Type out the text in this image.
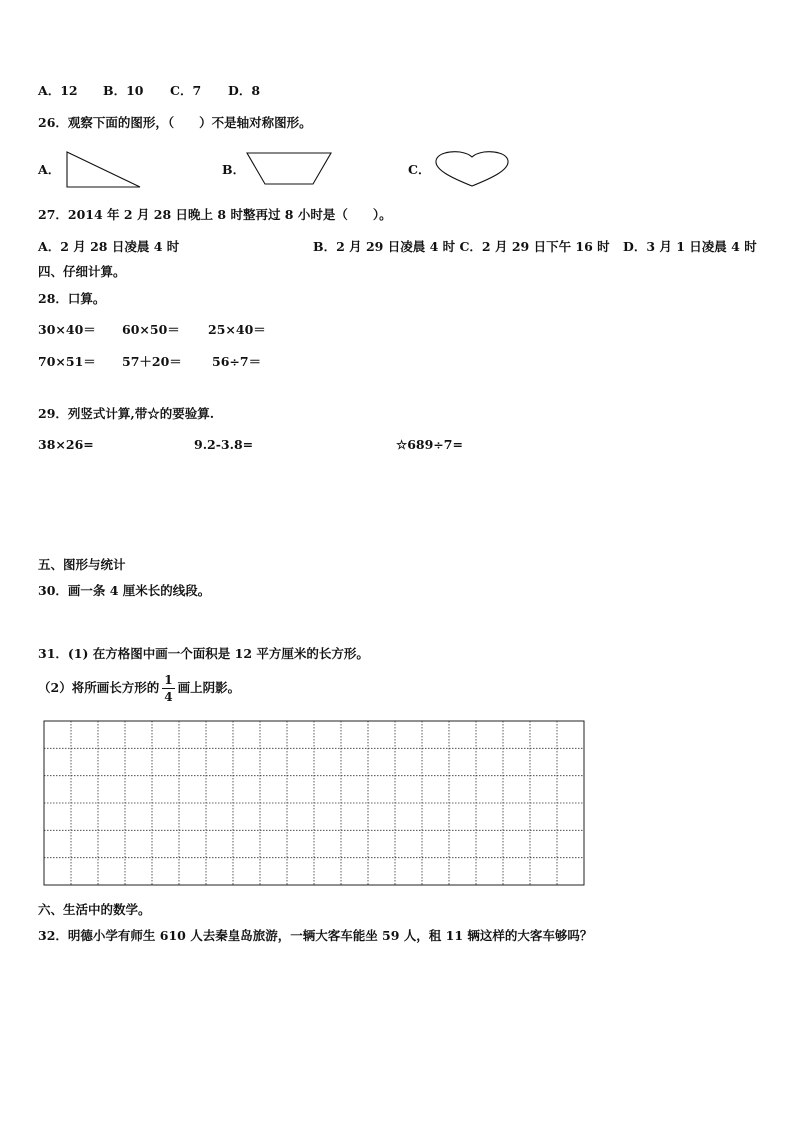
A．12 B．10 C．7 D．8
26．观察下面的图形，（　　）不是轴对称图形。
A．	B．	C．
27．2014 年 2 月 28 日晚上 8 时整再过 8 小时是（　　）。
A．2 月 28 日凌晨 4 时	B．2 月 29 日凌晨 4 时 C．2 月 29 日下午 16 时 D．3 月 1 日凌晨 4 时
四、仔细计算。
28．口算。
30×40＝ 60×50＝ 25×40＝
70×51＝ 57＋20＝ 56÷7＝
29．列竖式计算,带☆的要验算.
38×26=	9.2-3.8=	☆689÷7=
五、图形与统计
30．画一条 4 厘米长的线段。
31．(1) 在方格图中画一个面积是 12 平方厘米的长方形。
（2）将所画长方形的 $\frac{1}{4}$ 画上阴影。
六、生活中的数学。
32．明德小学有师生 610 人去秦皇岛旅游，一辆大客车能坐 59 人，租 11 辆这样的大客车够吗？
